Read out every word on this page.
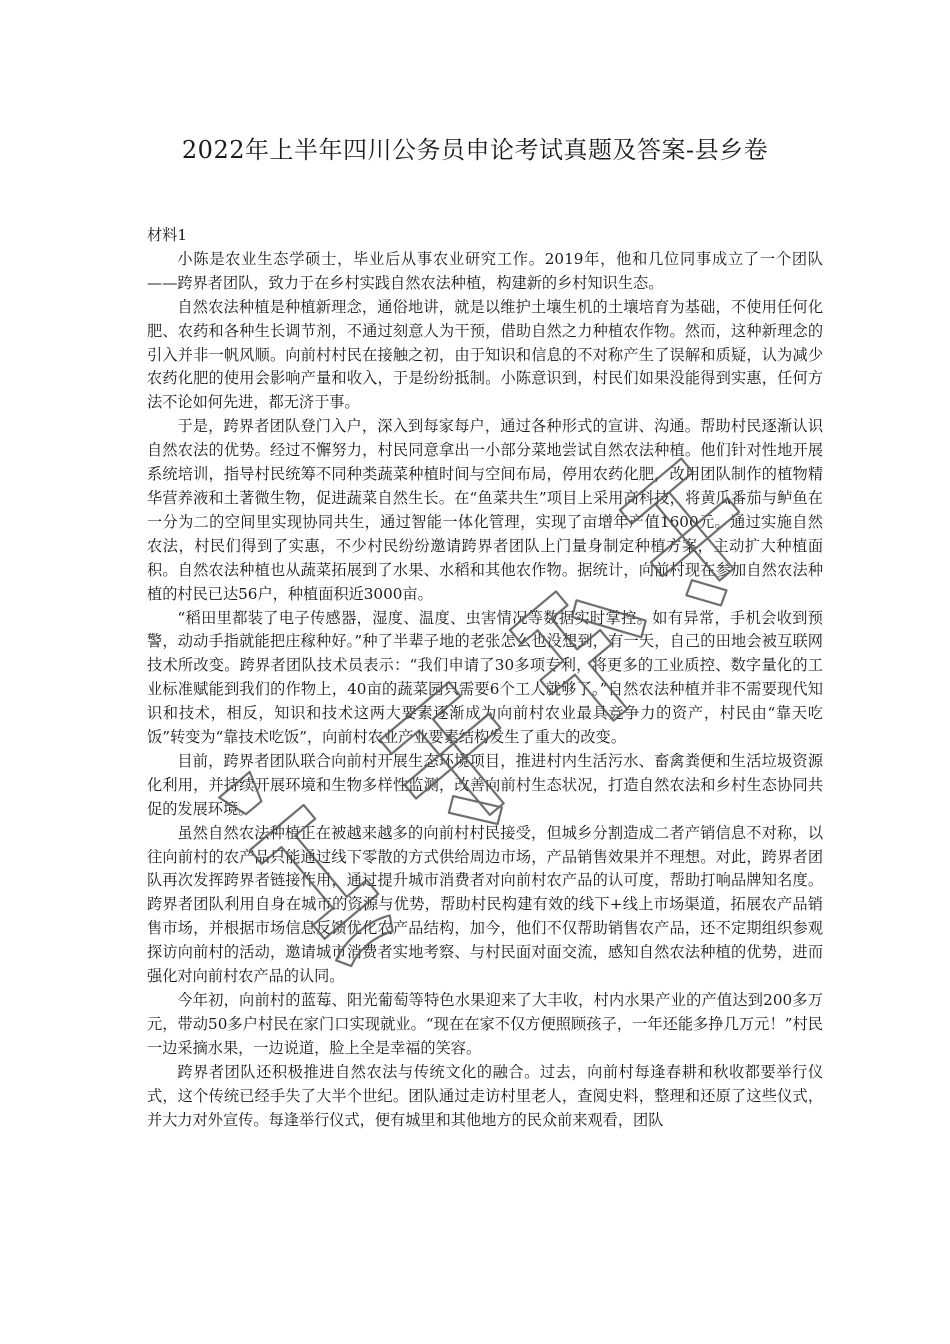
2022年上半年四川公务员申论考试真题及答案-县乡卷

材料1

小陈是农业生态学硕士，毕业后从事农业研究工作。2019年，他和几位同事成立了一个团队——跨界者团队，致力于在乡村实践自然农法种植，构建新的乡村知识生态。

自然农法种植是种植新理念，通俗地讲，就是以维护土壤生机的土壤培育为基础，不使用任何化肥、农药和各种生长调节剂，不通过刻意人为干预，借助自然之力种植农作物。然而，这种新理念的引入并非一帆风顺。向前村村民在接触之初，由于知识和信息的不对称产生了误解和质疑，认为减少农药化肥的使用会影响产量和收入，于是纷纷抵制。小陈意识到，村民们如果没能得到实惠，任何方法不论如何先进，都无济于事。

于是，跨界者团队登门入户，深入到每家每户，通过各种形式的宣讲、沟通。帮助村民逐渐认识自然农法的优势。经过不懈努力，村民同意拿出一小部分菜地尝试自然农法种植。他们针对性地开展系统培训，指导村民统筹不同种类蔬菜种植时间与空间布局，停用农药化肥，改用团队制作的植物精华营养液和土著微生物，促进蔬菜自然生长。在“鱼菜共生”项目上采用高科技，将黄瓜番茄与鲈鱼在一分为二的空间里实现协同共生，通过智能一体化管理，实现了亩增年产值1600元。通过实施自然农法，村民们得到了实惠，不少村民纷纷邀请跨界者团队上门量身制定种植方案，主动扩大种植面积。自然农法种植也从蔬菜拓展到了水果、水稻和其他农作物。据统计，向前村现在参加自然农法种植的村民已达56户，种植面积近3000亩。

“稻田里都装了电子传感器，湿度、温度、虫害情况等数据实时掌控。如有异常，手机会收到预警，动动手指就能把庄稼种好。”种了半辈子地的老张怎么也没想到，有一天，自己的田地会被互联网技术所改变。跨界者团队技术员表示：“我们申请了30多项专利，将更多的工业质控、数字量化的工业标准赋能到我们的作物上，40亩的蔬菜园只需要6个工人就够了。”自然农法种植并非不需要现代知识和技术，相反，知识和技术这两大要素逐渐成为向前村农业最具竞争力的资产，村民由“靠天吃饭”转变为“靠技术吃饭”，向前村农业产业要素结构发生了重大的改变。

目前，跨界者团队联合向前村开展生态环境项目，推进村内生活污水、畜禽粪便和生活垃圾资源化利用，并持续开展环境和生物多样性监测，改善向前村生态状况，打造自然农法和乡村生态协同共促的发展环境。

虽然自然农法种植正在被越来越多的向前村村民接受，但城乡分割造成二者产销信息不对称，以往向前村的农产品只能通过线下零散的方式供给周边市场，产品销售效果并不理想。对此，跨界者团队再次发挥跨界者链接作用，通过提升城市消费者对向前村农产品的认可度，帮助打响品牌知名度。跨界者团队利用自身在城市的资源与优势，帮助村民构建有效的线下+线上市场渠道，拓展农产品销售市场，并根据市场信息反馈优化农产品结构，加今，他们不仅帮助销售农产品，还不定期组织参观探访向前村的活动，邀请城市消费者实地考察、与村民面对面交流，感知自然农法种植的优势，进而强化对向前村农产品的认同。

今年初，向前村的蓝莓、阳光葡萄等特色水果迎来了大丰收，村内水果产业的产值达到200多万元，带动50多户村民在家门口实现就业。“现在在家不仅方便照顾孩子，一年还能多挣几万元！”村民一边采摘水果，一边说道，脸上全是幸福的笑容。

跨界者团队还积极推进自然农法与传统文化的融合。过去，向前村每逢春耕和秋收都要举行仪式，这个传统已经手失了大半个世纪。团队通过走访村里老人，查阅史料，整理和还原了这些仪式，并大力对外宣传。每逢举行仪式，便有城里和其他地方的民众前来观看，团队
